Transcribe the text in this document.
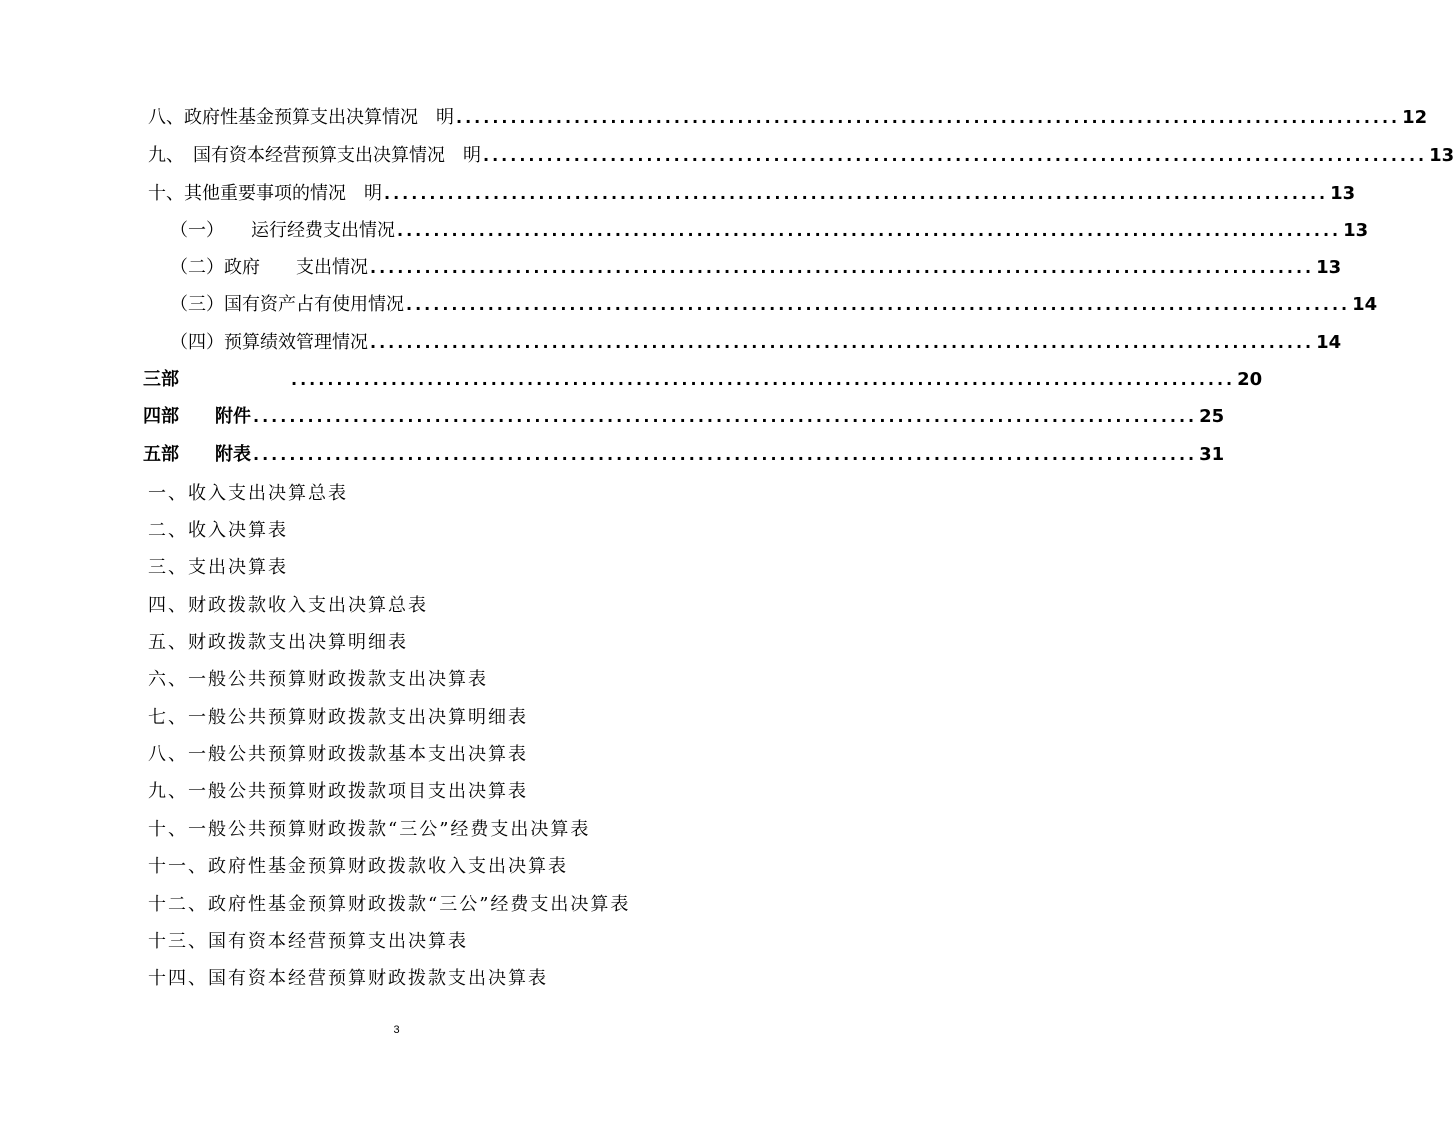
八、政府性基金预算支出决算情况　明 ........................................................................................................ 12
九、　国有资本经营预算支出决算情况　明 ........................................................................................................ 13
十、其他重要事项的情况　明 ........................................................................................................ 13
（一）　　运行经费支出情况 ........................................................................................................ 13
（二）政府　　支出情况 ........................................................................................................ 13
（三）国有资产占有使用情况 ........................................................................................................ 14
（四）预算绩效管理情况 ........................................................................................................ 14
三部	........................................................................................................ 20
四部　　附件 ........................................................................................................ 25
五部　　附表 ........................................................................................................ 31
一、收入支出决算总表
二、收入决算表
三、支出决算表
四、财政拨款收入支出决算总表
五、财政拨款支出决算明细表
六、一般公共预算财政拨款支出决算表
七、一般公共预算财政拨款支出决算明细表
八、一般公共预算财政拨款基本支出决算表
九、一般公共预算财政拨款项目支出决算表
十、一般公共预算财政拨款“三公”经费支出决算表
十一、政府性基金预算财政拨款收入支出决算表
十二、政府性基金预算财政拨款“三公”经费支出决算表
十三、国有资本经营预算支出决算表
十四、国有资本经营预算财政拨款支出决算表
3
